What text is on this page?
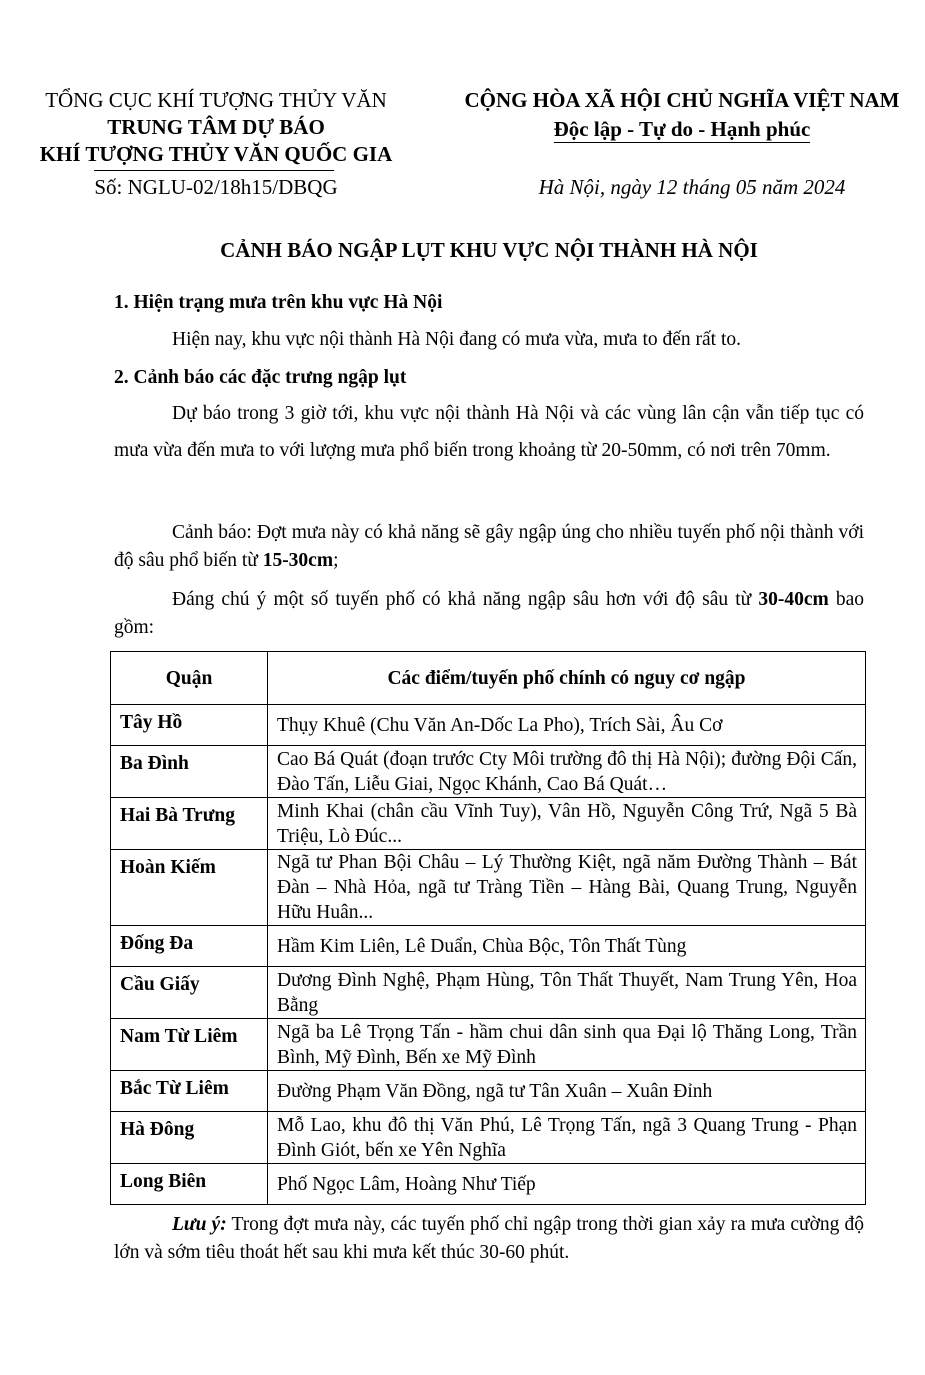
TỔNG CỤC KHÍ TƯỢNG THỦY VĂN
TRUNG TÂM DỰ BÁO
KHÍ TƯỢNG THỦY VĂN QUỐC GIA
Số: NGLU-02/18h15/DBQG
CỘNG HÒA XÃ HỘI CHỦ NGHĨA VIỆT NAM
Độc lập - Tự do - Hạnh phúc
Hà Nội, ngày 12 tháng 05 năm 2024
CẢNH BÁO NGẬP LỤT KHU VỰC NỘI THÀNH HÀ NỘI
1. Hiện trạng mưa trên khu vực Hà Nội
Hiện nay, khu vực nội thành Hà Nội đang có mưa vừa, mưa to đến rất to.
2. Cảnh báo các đặc trưng ngập lụt
Dự báo trong 3 giờ tới, khu vực nội thành Hà Nội và các vùng lân cận vẫn tiếp tục có mưa vừa đến mưa to với lượng mưa phổ biến trong khoảng từ 20-50mm, có nơi trên 70mm.
Cảnh báo: Đợt mưa này có khả năng sẽ gây ngập úng cho nhiều tuyến phố nội thành với độ sâu phổ biến từ 15-30cm;
Đáng chú ý một số tuyến phố có khả năng ngập sâu hơn với độ sâu từ 30-40cm bao gồm:
Quận	Các điểm/tuyến phố chính có nguy cơ ngập
Tây Hồ	Thụy Khuê (Chu Văn An-Dốc La Pho), Trích Sài, Âu Cơ
Ba Đình	Cao Bá Quát (đoạn trước Cty Môi trường đô thị Hà Nội); đường Đội Cấn, Đào Tấn, Liễu Giai, Ngọc Khánh, Cao Bá Quát…
Hai Bà Trưng	Minh Khai (chân cầu Vĩnh Tuy), Vân Hồ, Nguyễn Công Trứ, Ngã 5 Bà Triệu, Lò Đúc...
Hoàn Kiếm	Ngã tư Phan Bội Châu – Lý Thường Kiệt, ngã năm Đường Thành – Bát Đàn – Nhà Hỏa, ngã tư Tràng Tiền – Hàng Bài, Quang Trung, Nguyễn Hữu Huân...
Đống Đa	Hầm Kim Liên, Lê Duẩn, Chùa Bộc, Tôn Thất Tùng
Cầu Giấy	Dương Đình Nghệ, Phạm Hùng, Tôn Thất Thuyết, Nam Trung Yên, Hoa Bằng
Nam Từ Liêm	Ngã ba Lê Trọng Tấn - hầm chui dân sinh qua Đại lộ Thăng Long, Trần Bình, Mỹ Đình, Bến xe Mỹ Đình
Bắc Từ Liêm	Đường Phạm Văn Đồng, ngã tư Tân Xuân – Xuân Đỉnh
Hà Đông	Mỗ Lao, khu đô thị Văn Phú, Lê Trọng Tấn, ngã 3 Quang Trung - Phạn Đình Giót, bến xe Yên Nghĩa
Long Biên	Phố Ngọc Lâm, Hoàng Như Tiếp
Lưu ý: Trong đợt mưa này, các tuyến phố chỉ ngập trong thời gian xảy ra mưa cường độ lớn và sớm tiêu thoát hết sau khi mưa kết thúc 30-60 phút.
